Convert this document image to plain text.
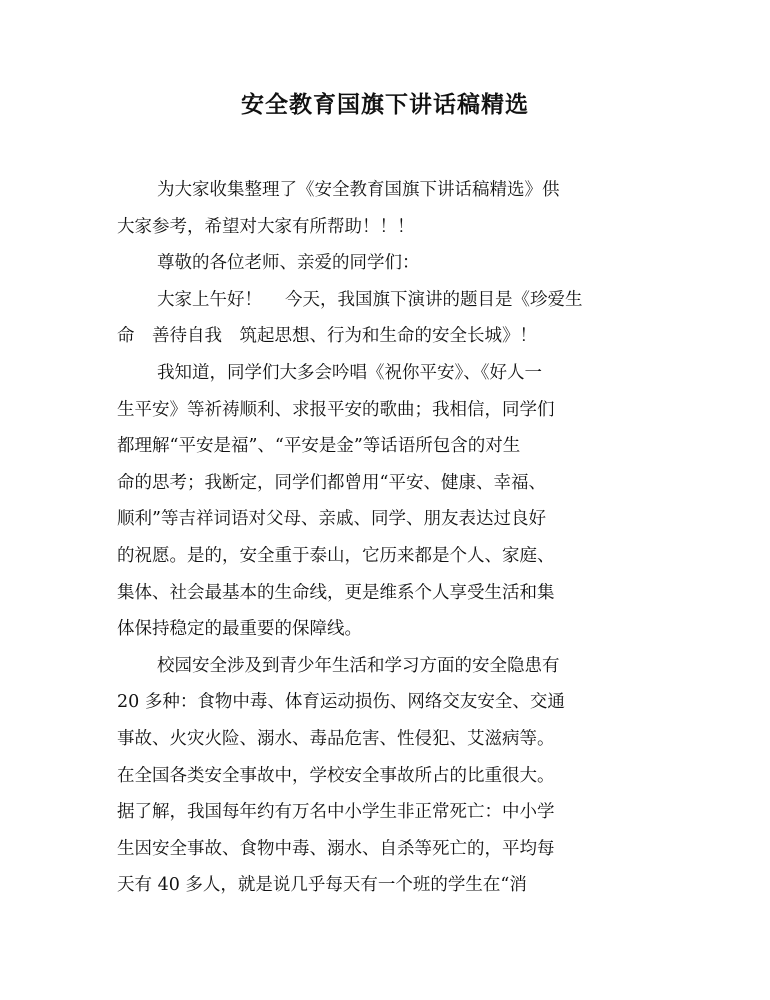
安全教育国旗下讲话稿精选
为大家收集整理了《安全教育国旗下讲话稿精选》供
大家参考，希望对大家有所帮助！！！
尊敬的各位老师、亲爱的同学们：
大家上午好！　 今天，我国旗下演讲的题目是《珍爱生
命　善待自我　筑起思想、行为和生命的安全长城》！
我知道，同学们大多会吟唱《祝你平安》、《好人一
生平安》等祈祷顺利、求报平安的歌曲；我相信，同学们
都理解“平安是福”、“平安是金”等话语所包含的对生
命的思考；我断定，同学们都曾用“平安、健康、幸福、
顺利”等吉祥词语对父母、亲戚、同学、朋友表达过良好
的祝愿。是的，安全重于泰山，它历来都是个人、家庭、
集体、社会最基本的生命线，更是维系个人享受生活和集
体保持稳定的最重要的保障线。
校园安全涉及到青少年生活和学习方面的安全隐患有
20 多种：食物中毒、体育运动损伤、网络交友安全、交通
事故、火灾火险、溺水、毒品危害、性侵犯、艾滋病等。
在全国各类安全事故中，学校安全事故所占的比重很大。
据了解，我国每年约有万名中小学生非正常死亡：中小学
生因安全事故、食物中毒、溺水、自杀等死亡的，平均每
天有 40 多人，就是说几乎每天有一个班的学生在“消
